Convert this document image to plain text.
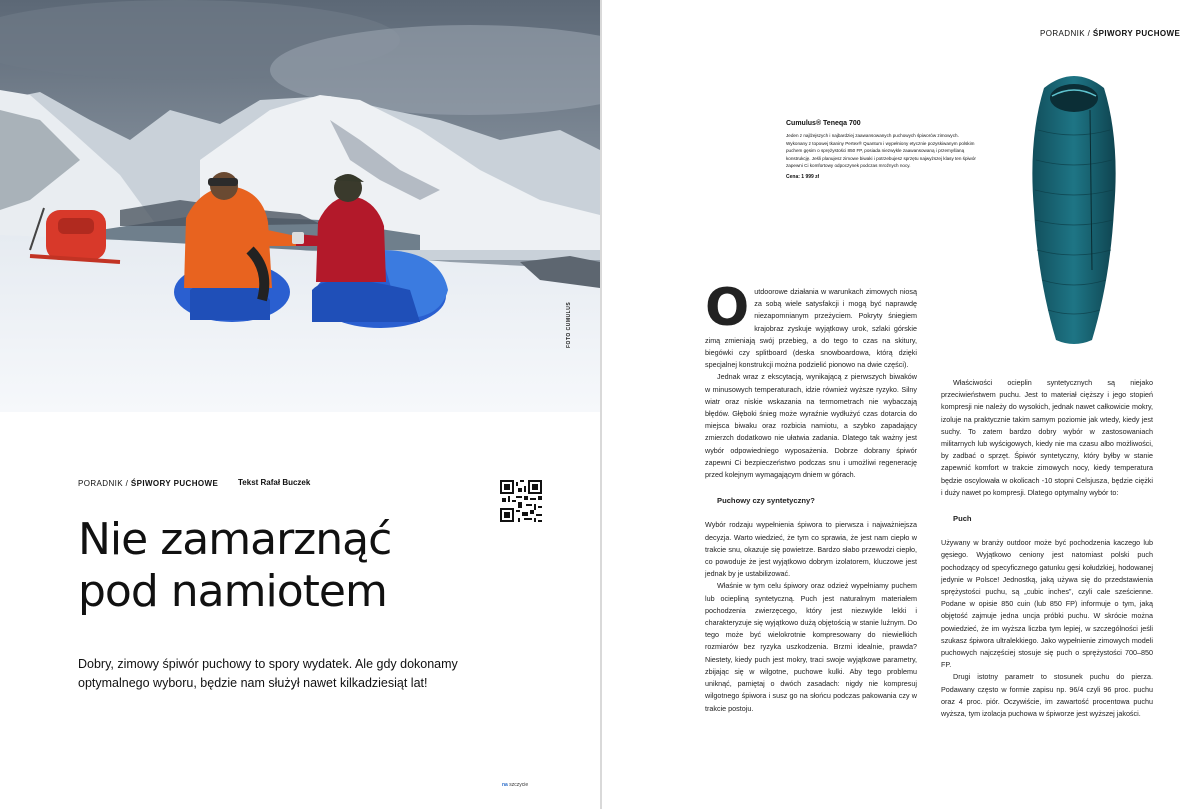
FOTO CUMULUS
PORADNIK / ŚPIWORY PUCHOWE Tekst Rafał Buczek
Nie zamarznąć
pod namiotem
Dobry, zimowy śpiwór puchowy to spory wydatek. Ale gdy dokonamy optymalnego wyboru, będzie nam służył nawet kilkadziesiąt lat!
na szczycie
PORADNIK / ŚPIWORY PUCHOWE
Cumulus® Teneqa 700
Jeden z najlżejszych i najbardziej zaawansowanych puchowych śpiworów zimowych. Wykonany z topowej tkaniny Pertex® Quantum i wypełniony etycznie pozyskiwanym polskim puchem gęsim o sprężystości 850 FP, posiada niezwykle zaawansowaną i przemyślaną konstrukcję. Jeśli planujesz zimowe biwaki i potrzebujesz sprzętu najwyższej klasy ten śpiwór zapewni Ci komfortowy odpoczynek podczas mroźnych nocy.
Cena: 1 999 zł

Outdoorowe działania w warunkach zimowych niosą za sobą wiele satysfakcji i mogą być naprawdę niezapomnianym przeżyciem. Pokryty śniegiem krajobraz zyskuje wyjątkowy urok, szlaki górskie zimą zmieniają swój przebieg, a do tego to czas na skitury, biegówki czy splitboard (deska snowboardowa, którą dzięki specjalnej konstrukcji można podzielić pionowo na dwie części).

Jednak wraz z ekscytacją, wynikającą z pierwszych biwaków w minusowych temperaturach, idzie również wyższe ryzyko. Silny wiatr oraz niskie wskazania na termometrach nie wybaczają błędów. Głęboki śnieg może wyraźnie wydłużyć czas dotarcia do miejsca biwaku oraz rozbicia namiotu, a szybko zapadający zmierzch dodatkowo nie ułatwia zadania. Dlatego tak ważny jest wybór odpowiedniego wyposażenia. Dobrze dobrany śpiwór zapewni Ci bezpieczeństwo podczas snu i umożliwi regenerację przed kolejnym wymagającym dniem w górach.

Puchowy czy syntetyczny?

Wybór rodzaju wypełnienia śpiwora to pierwsza i najważniejsza decyzja. Warto wiedzieć, że tym co sprawia, że jest nam ciepło w trakcie snu, okazuje się powietrze. Bardzo słabo przewodzi ciepło, co powoduje że jest wyjątkowo dobrym izolatorem, kluczowe jest jednak by je ustabilizować.

Właśnie w tym celu śpiwory oraz odzież wypełniamy puchem lub ociepliną syntetyczną. Puch jest naturalnym materiałem pochodzenia zwierzęcego, który jest niezwykle lekki i charakteryzuje się wyjątkowo dużą objętością w stanie luźnym. Do tego może być wielokrotnie kompresowany do niewielkich rozmiarów bez ryzyka uszkodzenia. Brzmi idealnie, prawda? Niestety, kiedy puch jest mokry, traci swoje wyjątkowe parametry, zbijając się w wilgotne, puchowe kulki. Aby tego problemu uniknąć, pamiętaj o dwóch zasadach: nigdy nie kompresuj wilgotnego śpiwora i susz go na słońcu podczas pakowania czy w trakcie postoju.

Właściwości ocieplin syntetycznych są niejako przeciwieństwem puchu. Jest to materiał cięższy i jego stopień kompresji nie należy do wysokich, jednak nawet całkowicie mokry, izoluje na praktycznie takim samym poziomie jak wtedy, kiedy jest suchy. To zatem bardzo dobry wybór w zastosowaniach militarnych lub wyścigowych, kiedy nie ma czasu albo możliwości, by zadbać o sprzęt. Śpiwór syntetyczny, który byłby w stanie zapewnić komfort w trakcie zimowych nocy, kiedy temperatura będzie oscylowała w okolicach -10 stopni Celsjusza, będzie ciężki i duży nawet po kompresji. Dlatego optymalny wybór to:

Puch

Używany w branży outdoor może być pochodzenia kaczego lub gęsiego. Wyjątkowo ceniony jest natomiast polski puch pochodzący od specyficznego gatunku gęsi kołudzkiej, hodowanej jedynie w Polsce! Jednostką, jaką używa się do przedstawienia sprężystości puchu, są „cubic inches”, czyli cale sześcienne. Podane w opisie 850 cuin (lub 850 FP) informuje o tym, jaką objętość zajmuje jedna uncja próbki puchu. W skrócie można powiedzieć, że im wyższa liczba tym lepiej, w szczególności jeśli szukasz śpiwora ultralekkiego. Jako wypełnienie zimowych modeli puchowych najczęściej stosuje się puch o sprężystości 700–850 FP.

Drugi istotny parametr to stosunek puchu do pierza. Podawany często w formie zapisu np. 96/4 czyli 96 proc. puchu oraz 4 proc. piór. Oczywiście, im zawartość procentowa puchu wyższa, tym izolacja puchowa w śpiworze jest wyższej jakości.
